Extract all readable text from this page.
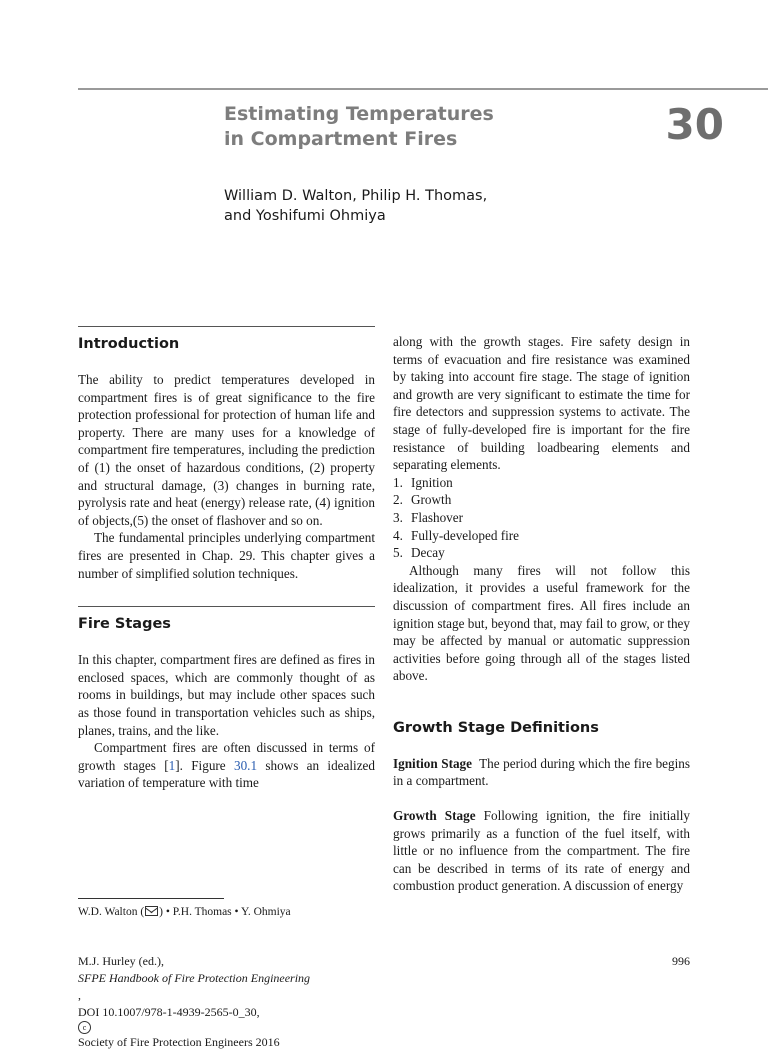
Estimating Temperatures
in Compartment Fires	30
William D. Walton, Philip H. Thomas,
and Yoshifumi Ohmiya
Introduction

The ability to predict temperatures developed in compartment fires is of great significance to the fire protection professional for protection of human life and property. There are many uses for a knowledge of compartment fire temperatures, including the prediction of (1) the onset of hazardous conditions, (2) property and structural damage, (3) changes in burning rate, pyrolysis rate and heat (energy) release rate, (4) ignition of objects,(5) the onset of flashover and so on.

The fundamental principles underlying compartment fires are presented in Chap. 29. This chapter gives a number of simplified solution techniques.

Fire Stages

In this chapter, compartment fires are defined as fires in enclosed spaces, which are commonly thought of as rooms in buildings, but may include other spaces such as those found in transportation vehicles such as ships, planes, trains, and the like.

Compartment fires are often discussed in terms of growth stages [1]. Figure 30.1 shows an idealized variation of temperature with time

along with the growth stages. Fire safety design in terms of evacuation and fire resistance was examined by taking into account fire stage. The stage of ignition and growth are very significant to estimate the time for fire detectors and suppression systems to activate. The stage of fully-developed fire is important for the fire resistance of building loadbearing elements and separating elements.

1. Ignition
2. Growth
3. Flashover
4. Fully-developed fire
5. Decay

Although many fires will not follow this idealization, it provides a useful framework for the discussion of compartment fires. All fires include an ignition stage but, beyond that, may fail to grow, or they may be affected by manual or automatic suppression activities before going through all of the stages listed above.

Growth Stage Definitions

Ignition Stage The period during which the fire begins in a compartment.

Growth Stage Following ignition, the fire initially grows primarily as a function of the fuel itself, with little or no influence from the compartment. The fire can be described in terms of its rate of energy and combustion product generation. A discussion of energy

W.D. Walton ( ) • P.H. Thomas • Y. Ohmiya
M.J. Hurley (ed.),
SFPE Handbook of Fire Protection Engineering
,
DOI 10.1007/978-1-4939-2565-0_30,
c
Society of Fire Protection Engineers 2016
996
